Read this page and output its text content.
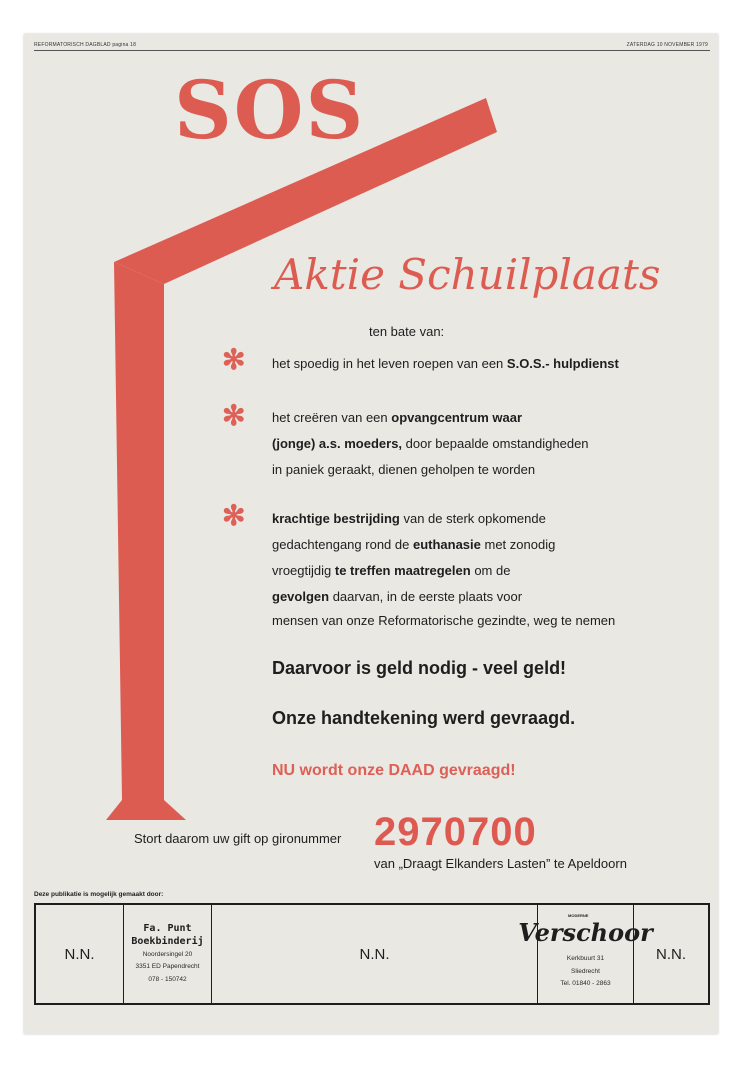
REFORMATORISCH DAGBLAD pagina 18	ZATERDAG 10 NOVEMBER 1979
SOS
Aktie Schuilplaats
ten bate van:
✻ het spoedig in het leven roepen van een S.O.S.- hulpdienst
✻ het creëren van een opvangcentrum waar
(jonge) a.s. moeders, door bepaalde omstandigheden
in paniek geraakt, dienen geholpen te worden
✻ krachtige bestrijding van de sterk opkomende
gedachtengang rond de euthanasie met zonodig
vroegtijdig te treffen maatregelen om de
gevolgen daarvan, in de eerste plaats voor
mensen van onze Reformatorische gezindte, weg te nemen
Daarvoor is geld nodig - veel geld!
Onze handtekening werd gevraagd.
NU wordt onze DAAD gevraagd!
Stort daarom uw gift op gironummer 2970700
van „Draagt Elkanders Lasten” te Apeldoorn
Deze publikatie is mogelijk gemaakt door:
N.N.
Fa. Punt
Boekbinderij
Noordersingel 20
3351 ED Papendrecht
078 - 150742
N.N.
MODERNE
Verschoor
Kerkbuurt 31
Sliedrecht
Tel. 01840 - 2863
N.N.
